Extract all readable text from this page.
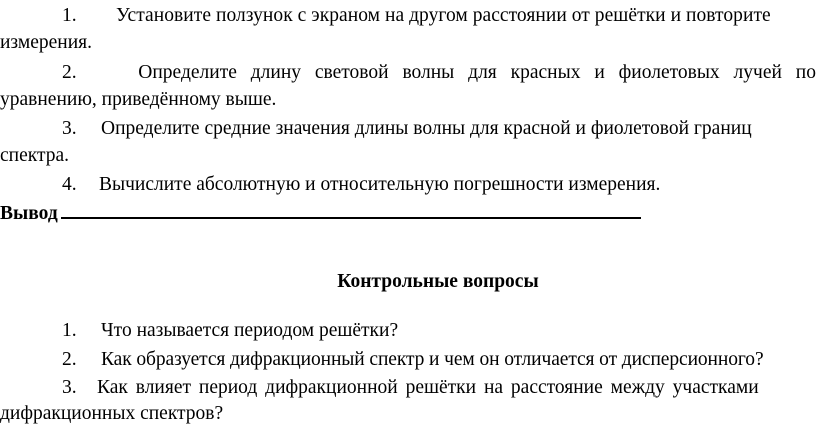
1. Установите ползунок с экраном на другом расстоянии от решётки и повторите
измерения.
2.	Определите длину световой волны для красных и фиолетовых лучей по
уравнению, приведённому выше.
3. Определите средние значения длины волны для красной и фиолетовой границ
спектра.
4. Вычислите абсолютную и относительную погрешности измерения.
Вывод
Контрольные вопросы
1. Что называется периодом решётки?
2. Как образуется дифракционный спектр и чем он отличается от дисперсионного?
3.	Как влияет период дифракционной решётки на расстояние между участками
дифракционных спектров?
